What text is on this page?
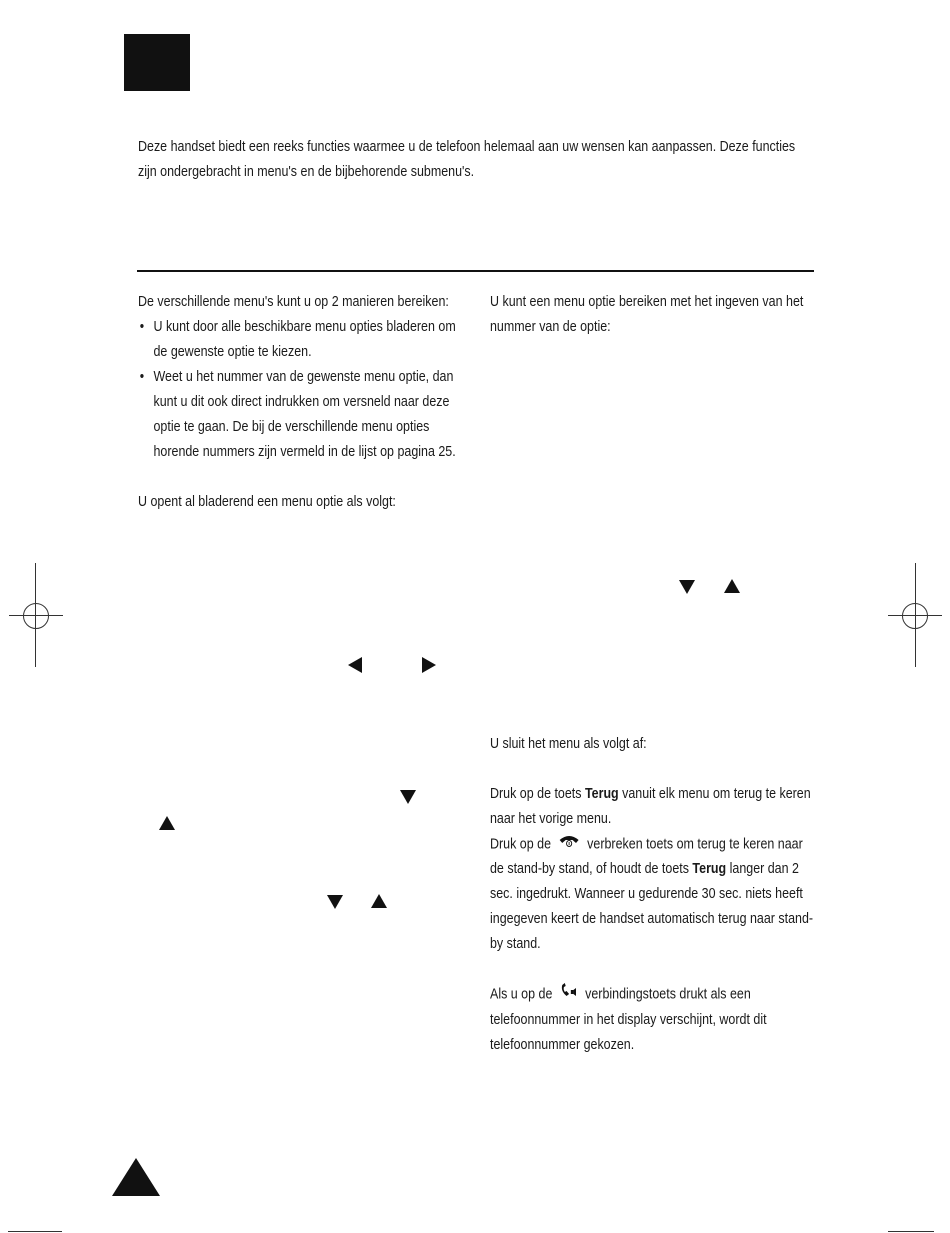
Deze handset biedt een reeks functies waarmee u de telefoon helemaal aan uw wensen kan aanpassen. Deze functies zijn ondergebracht in menu's en de bijbehorende submenu's.

De verschillende menu's kunt u op 2 manieren bereiken:

• U kunt door alle beschikbare menu opties bladeren om de gewenste optie te kiezen.
• Weet u het nummer van de gewenste menu optie, dan kunt u dit ook direct indrukken om versneld naar deze optie te gaan. De bij de verschillende menu opties horende nummers zijn vermeld in de lijst op pagina 25.

U opent al bladerend een menu optie als volgt:

U kunt een menu optie bereiken met het ingeven van het nummer van de optie:

U sluit het menu als volgt af:

Druk op de toets Terug vanuit elk menu om terug te keren naar het vorige menu.

Druk op de  verbreken toets om terug te keren naar de stand-by stand, of houdt de toets Terug langer dan 2 sec. ingedrukt. Wanneer u gedurende 30 sec. niets heeft ingegeven keert de handset automatisch terug naar stand-by stand.

Als u op de  verbindingstoets drukt als een telefoonnummer in het display verschijnt, wordt dit telefoonnummer gekozen.
